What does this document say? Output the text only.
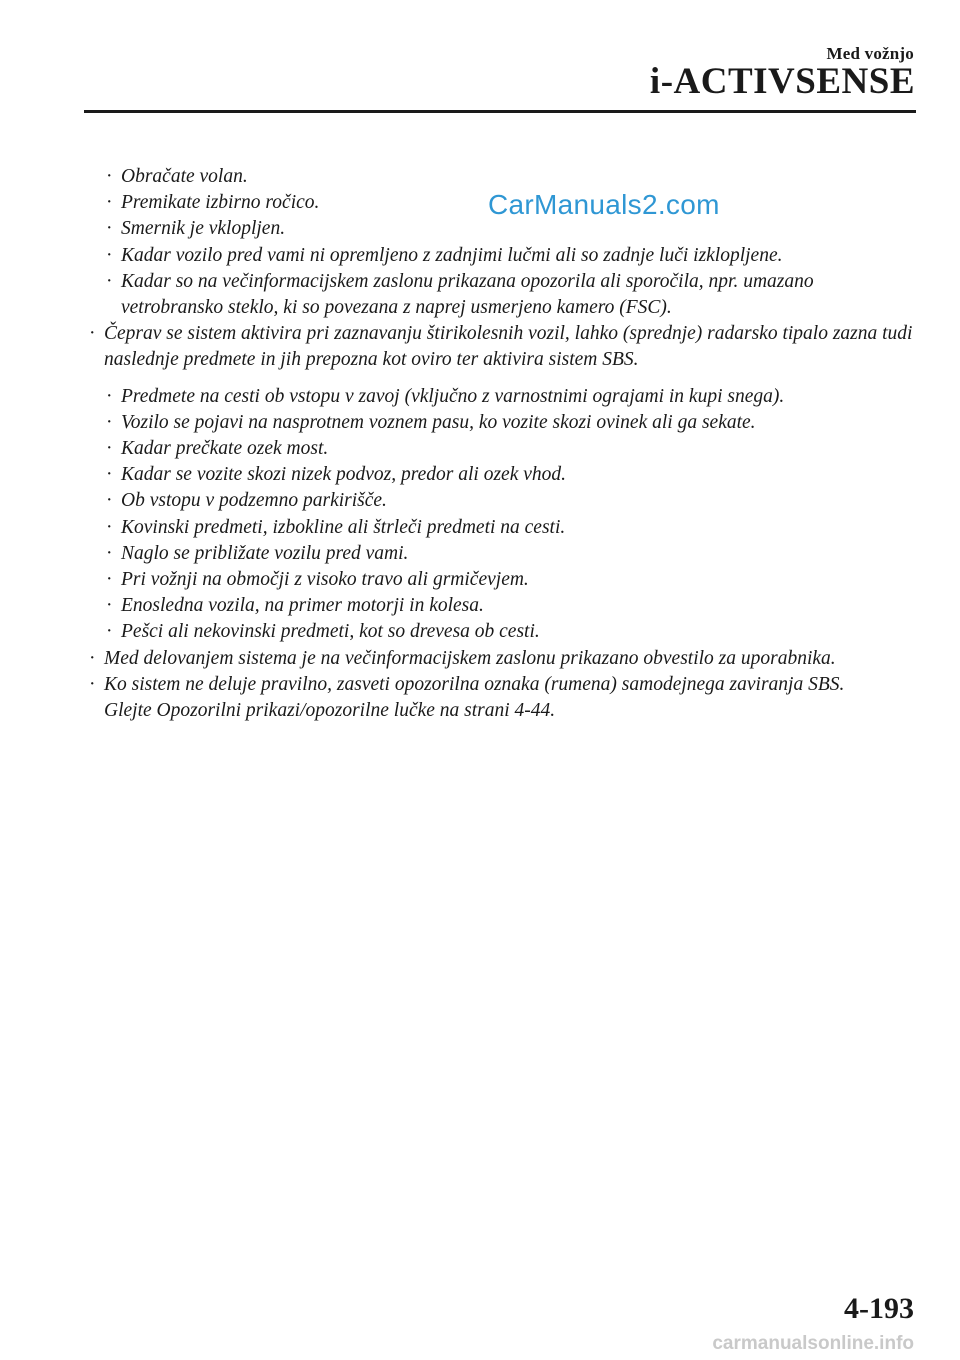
Med vožnjo
i-ACTIVSENSE
CarManuals2.com
· Obračate volan.
· Premikate izbirno ročico.
· Smernik je vklopljen.
· Kadar vozilo pred vami ni opremljeno z zadnjimi lučmi ali so zadnje luči izklopljene.
· Kadar so na večinformacijskem zaslonu prikazana opozorila ali sporočila, npr. umazano vetrobransko steklo, ki so povezana z naprej usmerjeno kamero (FSC).
· Čeprav se sistem aktivira pri zaznavanju štirikolesnih vozil, lahko (sprednje) radarsko tipalo zazna tudi naslednje predmete in jih prepozna kot oviro ter aktivira sistem SBS.
· Predmete na cesti ob vstopu v zavoj (vključno z varnostnimi ograjami in kupi snega).
· Vozilo se pojavi na nasprotnem voznem pasu, ko vozite skozi ovinek ali ga sekate.
· Kadar prečkate ozek most.
· Kadar se vozite skozi nizek podvoz, predor ali ozek vhod.
· Ob vstopu v podzemno parkirišče.
· Kovinski predmeti, izbokline ali štrleči predmeti na cesti.
· Naglo se približate vozilu pred vami.
· Pri vožnji na območji z visoko travo ali grmičevjem.
· Enosledna vozila, na primer motorji in kolesa.
· Pešci ali nekovinski predmeti, kot so drevesa ob cesti.
· Med delovanjem sistema je na večinformacijskem zaslonu prikazano obvestilo za uporabnika.
· Ko sistem ne deluje pravilno, zasveti opozorilna oznaka (rumena) samodejnega zaviranja SBS.
Glejte Opozorilni prikazi/opozorilne lučke na strani 4-44.
4-193
carmanualsonline.info
